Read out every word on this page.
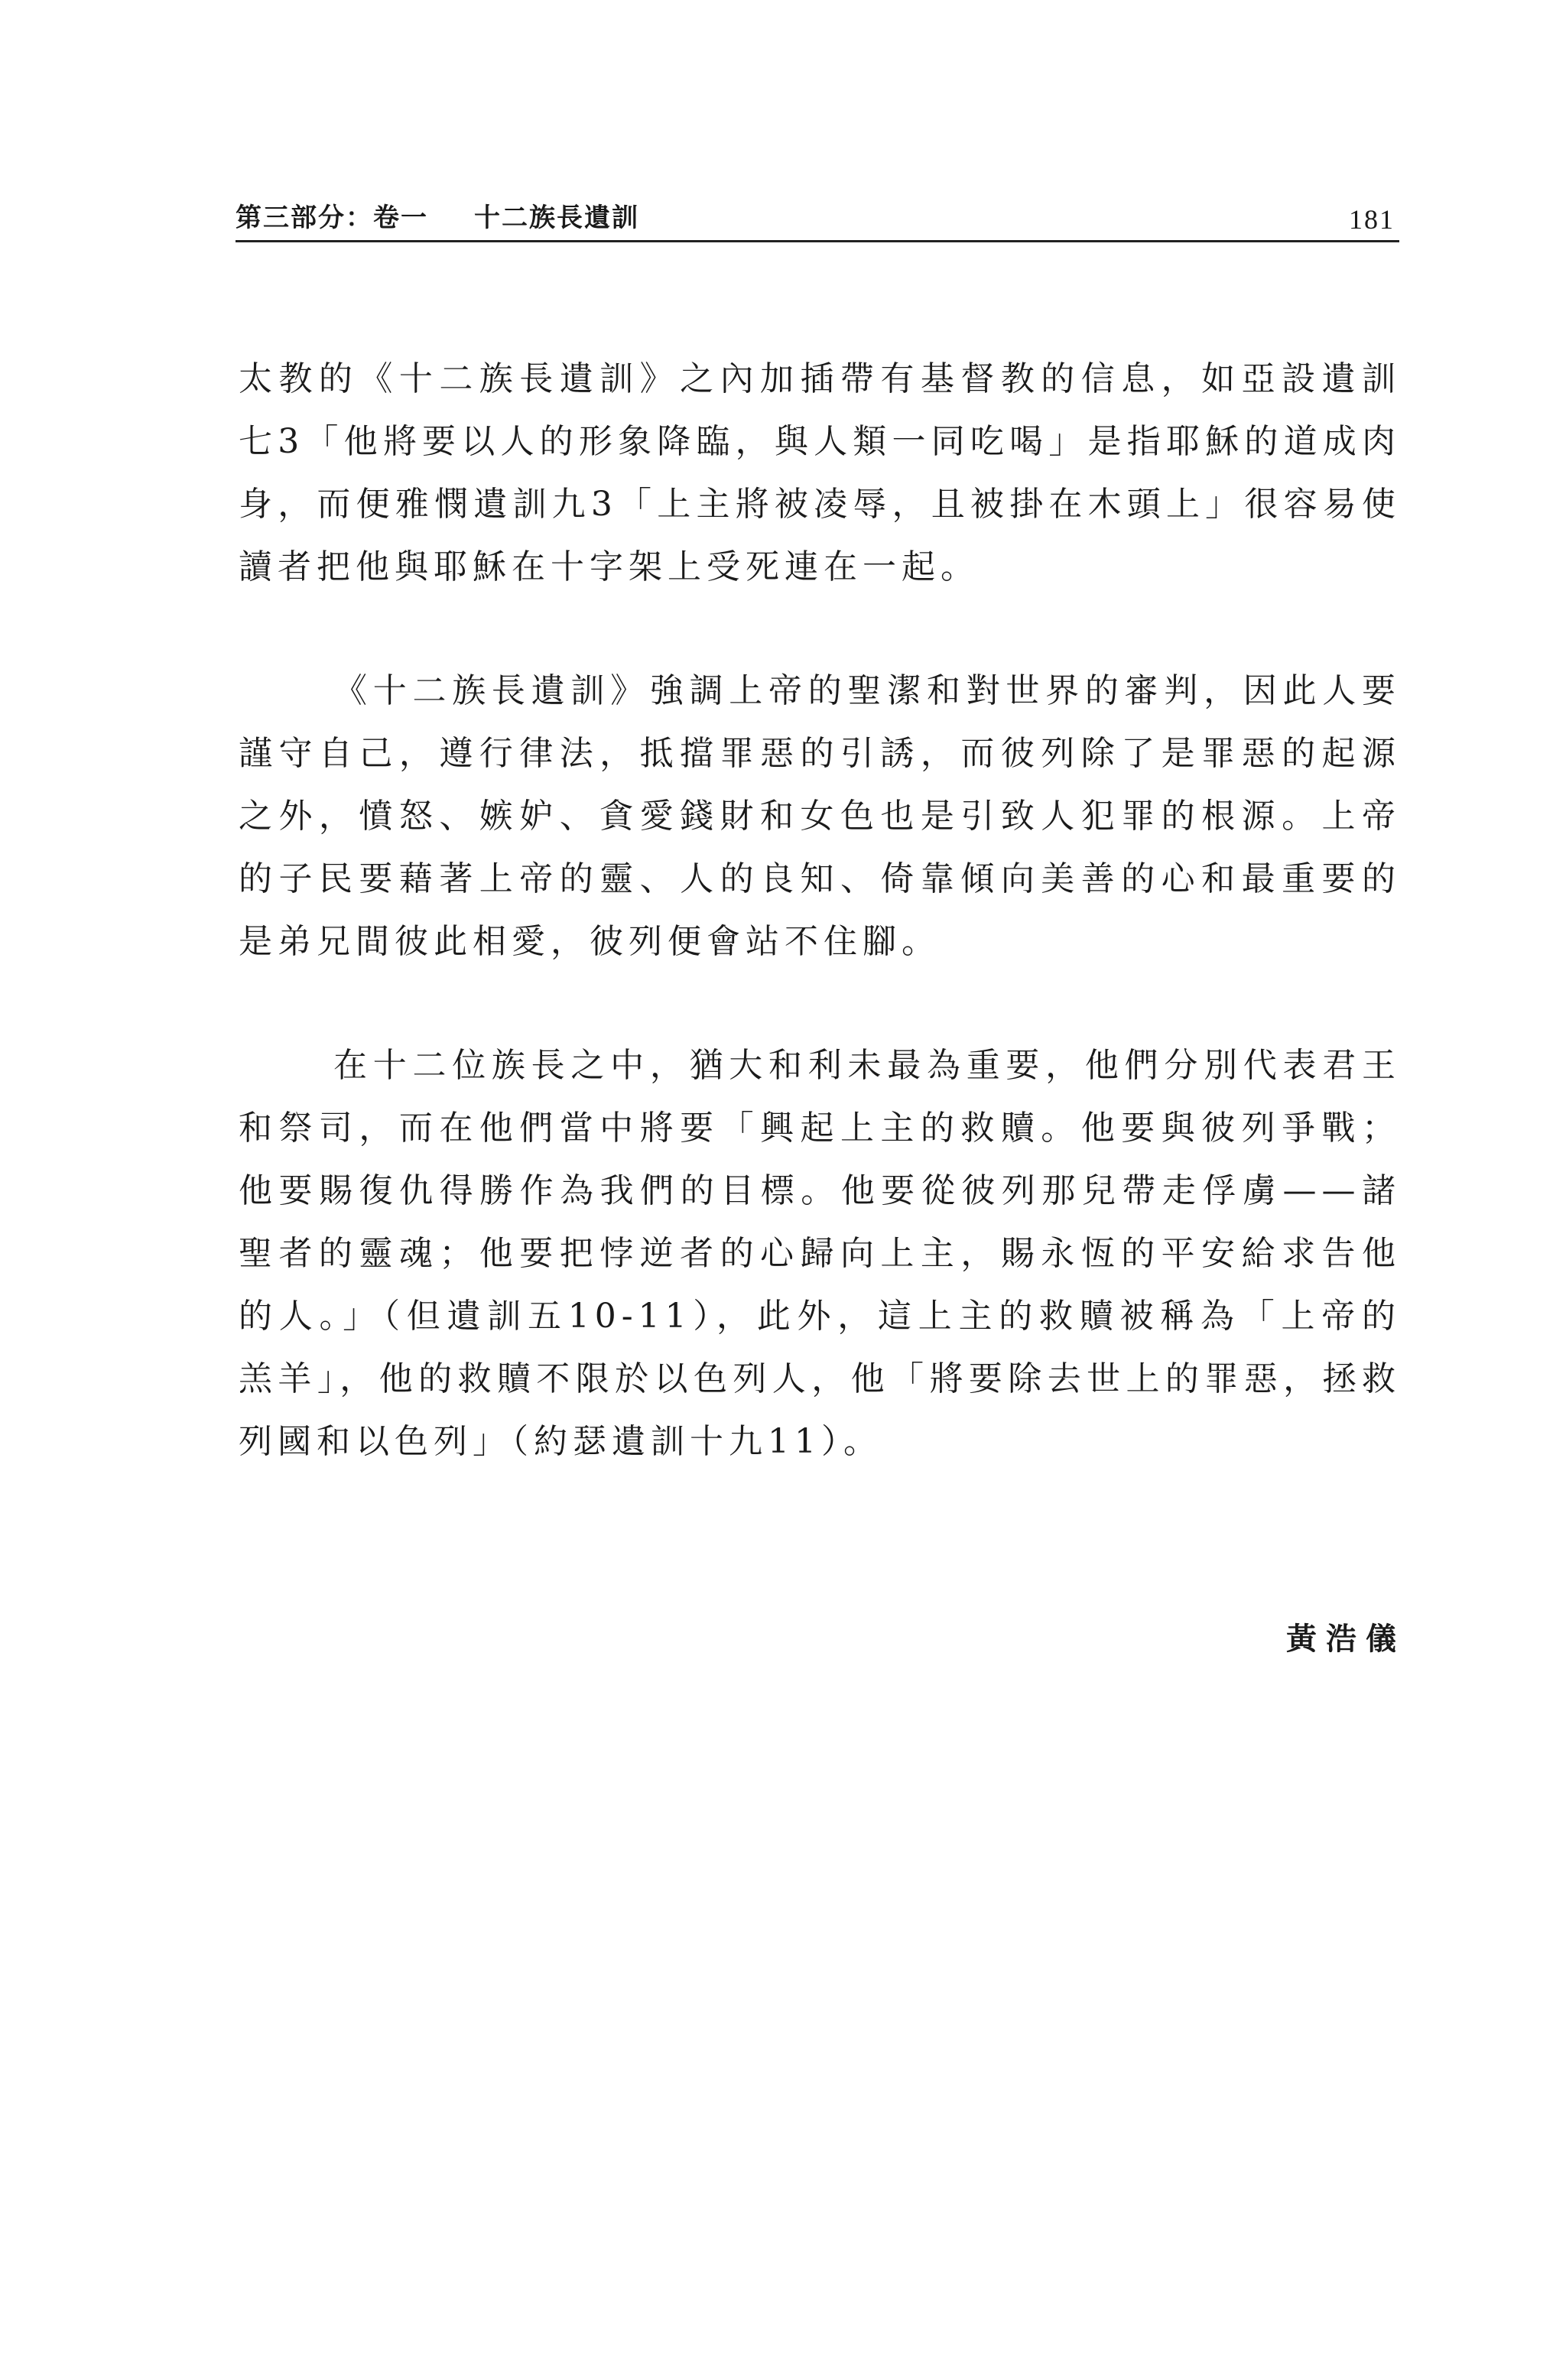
第三部分：卷一 十二族長遺訓	181

太教的《十二族長遺訓》之內加插帶有基督教的信息，如亞設遺訓七3「他將要以人的形象降臨，與人類一同吃喝」是指耶穌的道成肉身，而便雅憫遺訓九3「上主將被凌辱，且被掛在木頭上」很容易使讀者把他與耶穌在十字架上受死連在一起。

《十二族長遺訓》強調上帝的聖潔和對世界的審判，因此人要謹守自己，遵行律法，抵擋罪惡的引誘，而彼列除了是罪惡的起源之外，憤怒、嫉妒、貪愛錢財和女色也是引致人犯罪的根源。上帝的子民要藉著上帝的靈、人的良知、倚靠傾向美善的心和最重要的是弟兄間彼此相愛，彼列便會站不住腳。

在十二位族長之中，猶大和利未最為重要，他們分別代表君王和祭司，而在他們當中將要「興起上主的救贖。他要與彼列爭戰；他要賜復仇得勝作為我們的目標。他要從彼列那兒帶走俘虜——諸聖者的靈魂；他要把悖逆者的心歸向上主，賜永恆的平安給求告他的人。」（但遺訓五10-11），此外，這上主的救贖被稱為「上帝的羔羊」，他的救贖不限於以色列人，他「將要除去世上的罪惡，拯救列國和以色列」（約瑟遺訓十九11）。

黃浩儀
